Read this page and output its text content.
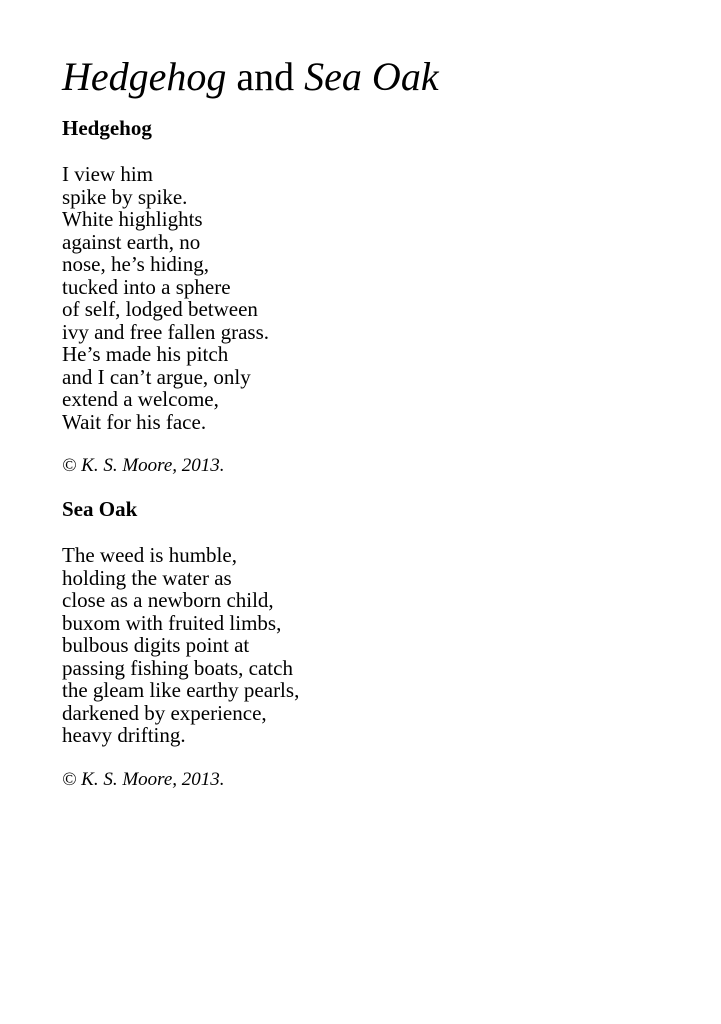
Hedgehog and Sea Oak
Hedgehog

I view him
spike by spike.
White highlights
against earth, no
nose, he’s hiding,
tucked into a sphere
of self, lodged between
ivy and free fallen grass.
He’s made his pitch
and I can’t argue, only
extend a welcome,
Wait for his face.

© K. S. Moore, 2013.

Sea Oak

The weed is humble,
holding the water as
close as a newborn child,
buxom with fruited limbs,
bulbous digits point at
passing fishing boats, catch
the gleam like earthy pearls,
darkened by experience,
heavy drifting.

© K. S. Moore, 2013.
